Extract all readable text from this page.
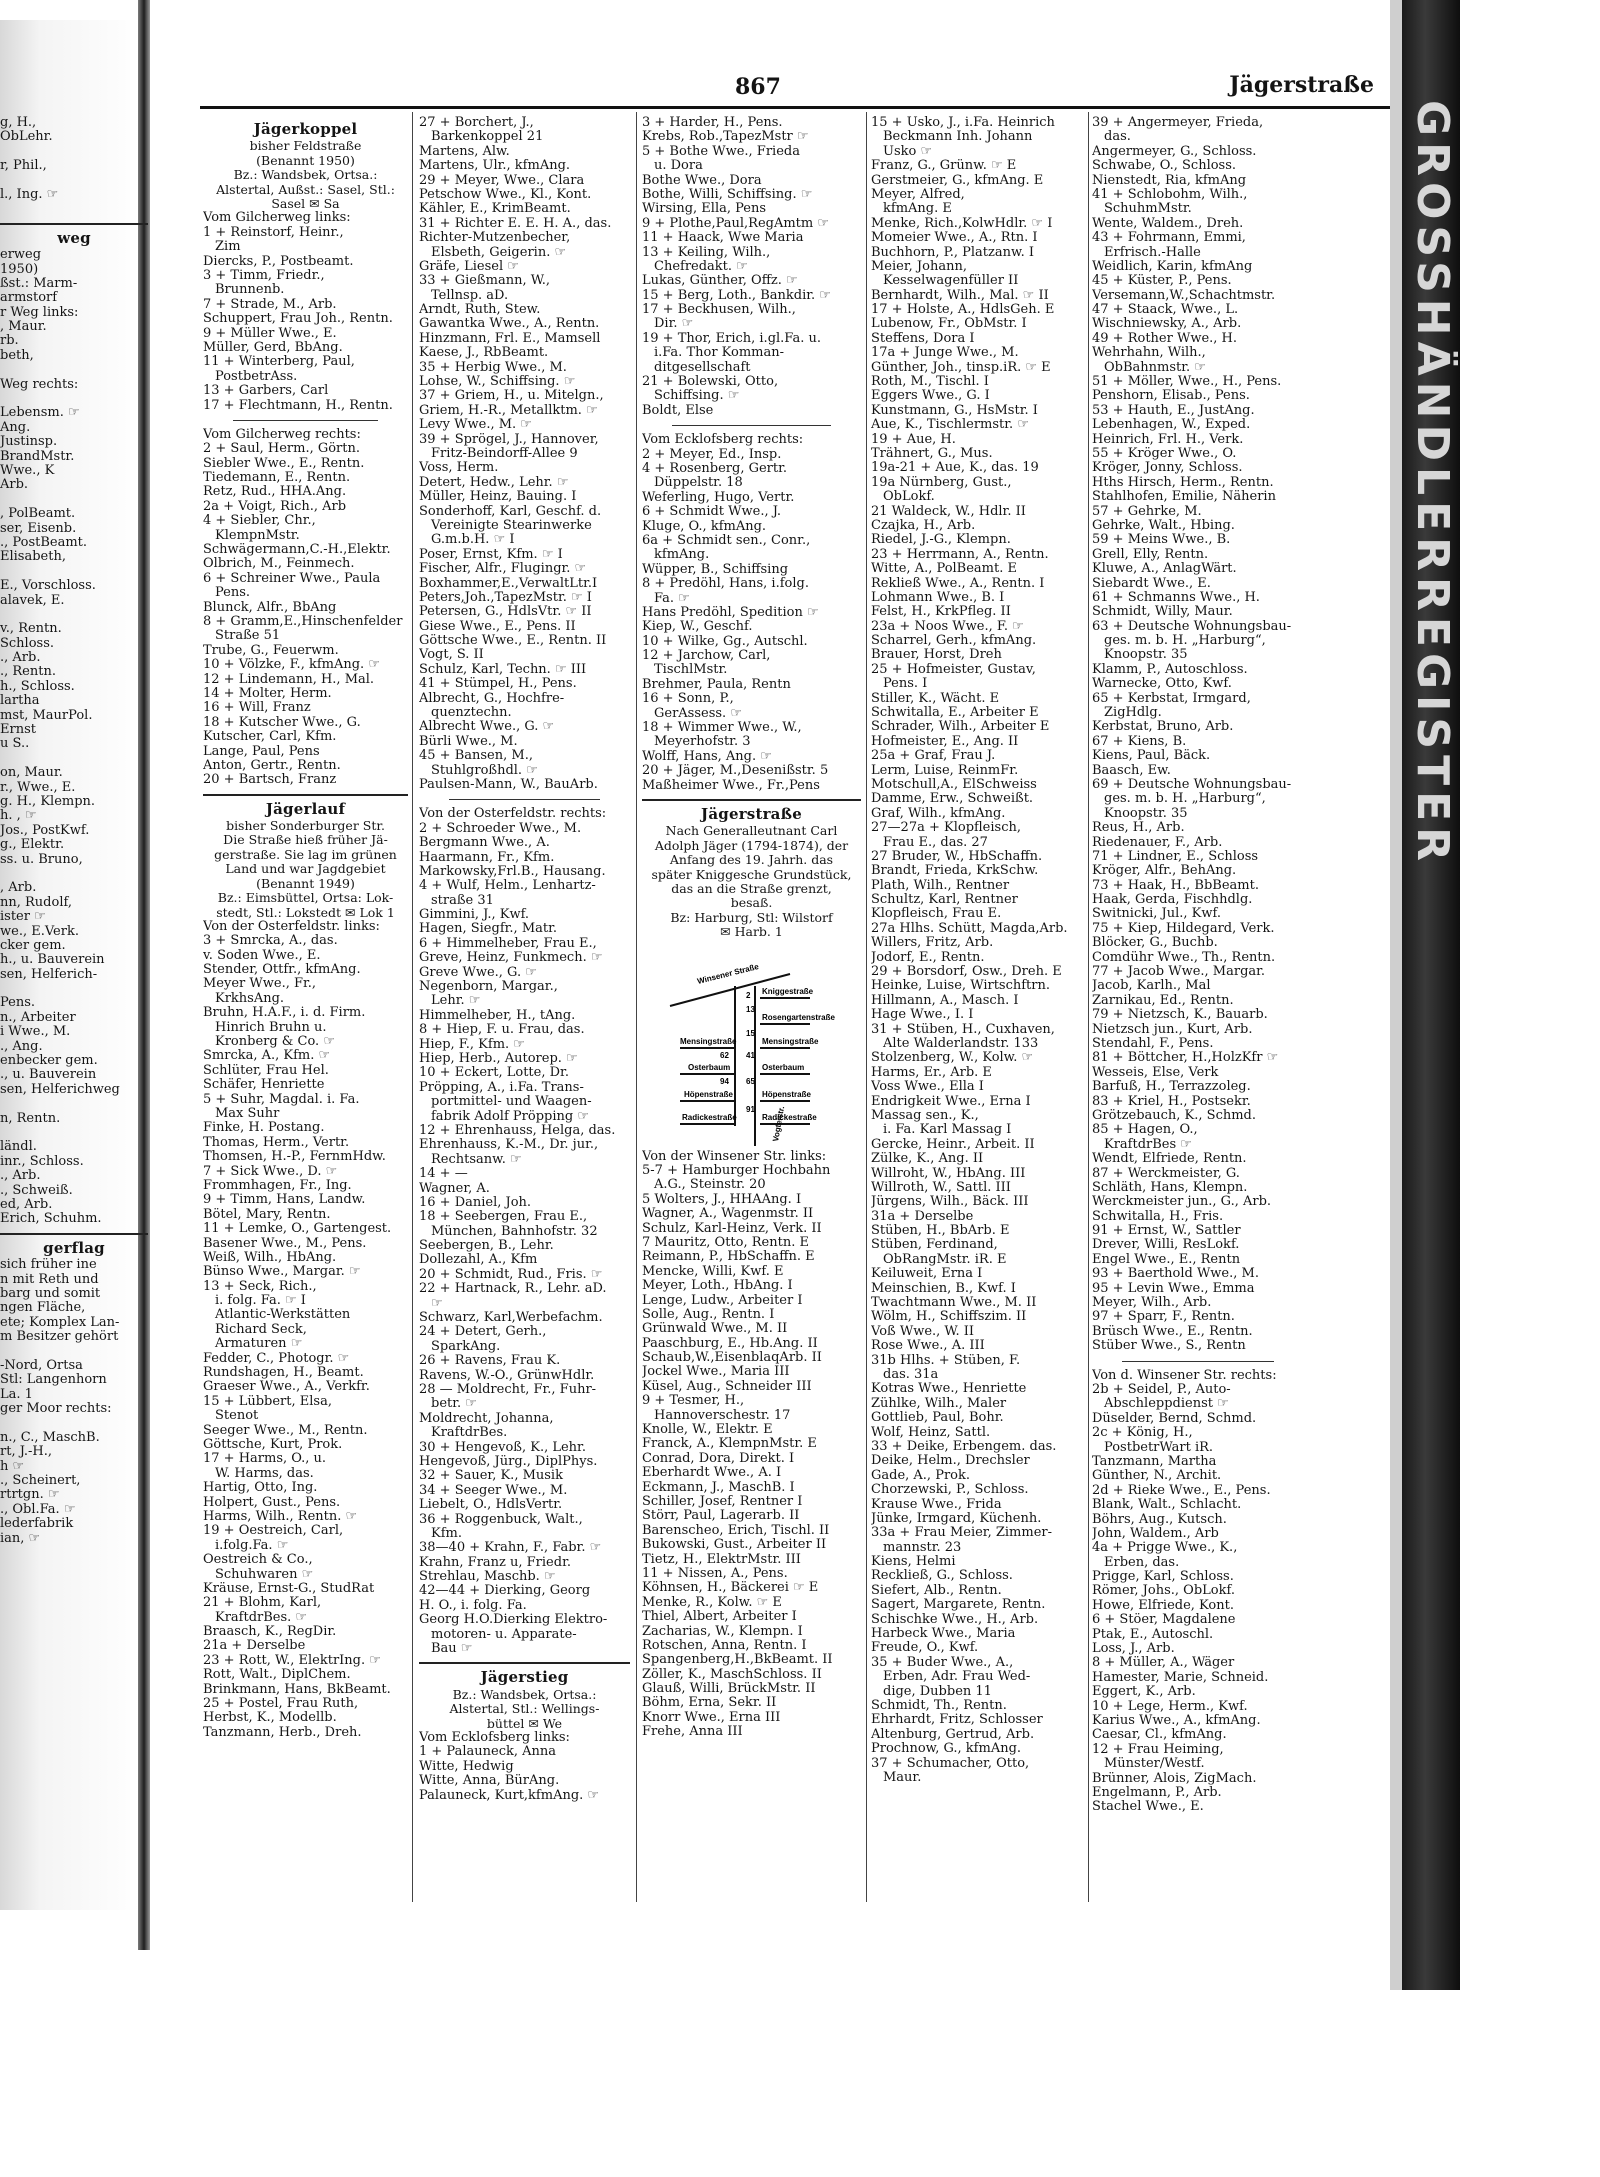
GROSSHÄNDLERREGISTER
867	Jägerstraße
g, H.,
ObLehr.
r, Phil.,
l., Ing. ☞
weg
erweg
1950)
ßst.: Marm-
armstorf
r Weg links:
, Maur.
rb.
beth,
Weg rechts:
Lebensm. ☞
Ang.
Justinsp.
BrandMstr.
Wwe., K
Arb.
, PolBeamt.
ser, Eisenb.
., PostBeamt.
Elisabeth,
E., Vorschloss.
alavek, E.
v., Rentn.
Schloss.
., Arb.
., Rentn.
h., Schloss.
lartha
mst, MaurPol.
Ernst
u S..
on, Maur.
r., Wwe., E.
g. H., Klempn.
h. , ☞
Jos., PostKwf.
g., Elektr.
ss. u. Bruno,
, Arb.
nn, Rudolf,
ister ☞
we., E.Verk.
cker gem.
h., u. Bauverein
sen, Helferich-
Pens.
n., Arbeiter
i Wwe., M.
., Ang.
enbecker gem.
., u. Bauverein
sen, Helferichweg
n, Rentn.
ländl.
inr., Schloss.
., Arb.
., Schweiß.
ed, Arb.
Erich, Schuhm.
gerflag
sich früher ine
n mit Reth und
barg und somit
ngen Fläche,
ete; Komplex Lan-
m Besitzer gehört
-Nord, Ortsa
Stl: Langenhorn
La. 1
ger Moor rechts:
n., C., MaschB.
rt, J.-H.,
h ☞
., Scheinert,
rtrtgn. ☞
., Obl.Fa. ☞
lederfabrik
ian, ☞
Jägerkoppel
bisher Feldstraße
(Benannt 1950)
Bz.: Wandsbek, Ortsa.:
Alstertal, Außst.: Sasel, Stl.:
Sasel ✉ Sa
Vom Gilcherweg links:
1 + Reinstorf, Heinr.,
Zim
Diercks, P., Postbeamt.
3 + Timm, Friedr.,
Brunnenb.
7 + Strade, M., Arb.
Schuppert, Frau Joh., Rentn.
9 + Müller Wwe., E.
Müller, Gerd, BbAng.
11 + Winterberg, Paul,
PostbetrAss.
13 + Garbers, Carl
17 + Flechtmann, H., Rentn.
Vom Gilcherweg rechts:
2 + Saul, Herm., Görtn.
Siebler Wwe., E., Rentn.
Tiedemann, E., Rentn.
Retz, Rud., HHA.Ang.
2a + Voigt, Rich., Arb
4 + Siebler, Chr.,
KlempnMstr.
Schwägermann,C.-H.,Elektr.
Olbrich, M., Feinmech.
6 + Schreiner Wwe., Paula
Pens.
Blunck, Alfr., BbAng
8 + Gramm,E.,Hinschenfelder
Straße 51
Trube, G., Feuerwm.
10 + Völzke, F., kfmAng. ☞
12 + Lindemann, H., Mal.
14 + Molter, Herm.
16 + Will, Franz
18 + Kutscher Wwe., G.
Kutscher, Carl, Kfm.
Lange, Paul, Pens
Anton, Gertr., Rentn.
20 + Bartsch, Franz
Jägerlauf
bisher Sonderburger Str.
Die Straße hieß früher Jä-
gerstraße. Sie lag im grünen
Land und war Jagdgebiet
(Benannt 1949)
Bz.: Eimsbüttel, Ortsa: Lok-
stedt, Stl.: Lokstedt ✉ Lok 1
Von der Osterfeldstr. links:
3 + Smrcka, A., das.
v. Soden Wwe., E.
Stender, Ottfr., kfmAng.
Meyer Wwe., Fr.,
KrkhsAng.
Bruhn, H.A.F., i. d. Firm.
Hinrich Bruhn u.
Kronberg & Co. ☞
Smrcka, A., Kfm. ☞
Schlüter, Frau Hel.
Schäfer, Henriette
5 + Suhr, Magdal. i. Fa.
Max Suhr
Finke, H. Postang.
Thomas, Herm., Vertr.
Thomsen, H.-P., FernmHdw.
7 + Sick Wwe., D. ☞
Frommhagen, Fr., Ing.
9 + Timm, Hans, Landw.
Bötel, Mary, Rentn.
11 + Lemke, O., Gartengest.
Basener Wwe., M., Pens.
Weiß, Wilh., HbAng.
Bünso Wwe., Margar. ☞
13 + Seck, Rich.,
i. folg. Fa. ☞ I
Atlantic-Werkstätten
Richard Seck,
Armaturen ☞
Fedder, C., Photogr. ☞
Rundshagen, H., Beamt.
Graeser Wwe., A., Verkfr.
15 + Lübbert, Elsa,
Stenot
Seeger Wwe., M., Rentn.
Göttsche, Kurt, Prok.
17 + Harms, O., u.
W. Harms, das.
Hartig, Otto, Ing.
Holpert, Gust., Pens.
Harms, Wilh., Rentn. ☞
19 + Oestreich, Carl,
i.folg.Fa. ☞
Oestreich & Co.,
Schuhwaren ☞
Kräuse, Ernst-G., StudRat
21 + Blohm, Karl,
KraftdrBes. ☞
Braasch, K., RegDir.
21a + Derselbe
23 + Rott, W., ElektrIng. ☞
Rott, Walt., DiplChem.
Brinkmann, Hans, BkBeamt.
25 + Postel, Frau Ruth,
Herbst, K., Modellb.
Tanzmann, Herb., Dreh.
27 + Borchert, J.,
Barkenkoppel 21
Martens, Alw.
Martens, Ulr., kfmAng.
29 + Meyer, Wwe., Clara
Petschow Wwe., Kl., Kont.
Kähler, E., KrimBeamt.
31 + Richter E. E. H. A., das.
Richter-Mutzenbecher,
Elsbeth, Geigerin. ☞
Gräfe, Liesel ☞
33 + Gießmann, W.,
Tellnsp. aD.
Arndt, Ruth, Stew.
Gawantka Wwe., A., Rentn.
Hinzmann, Frl. E., Mamsell
Kaese, J., RbBeamt.
35 + Herbig Wwe., M.
Lohse, W., Schiffsing. ☞
37 + Griem, H., u. Mitelgn.,
Griem, H.-R., Metallktm. ☞
Levy Wwe., M. ☞
39 + Sprögel, J., Hannover,
Fritz-Beindorff-Allee 9
Voss, Herm.
Detert, Hedw., Lehr. ☞
Müller, Heinz, Bauing. I
Sonderhoff, Karl, Geschf. d.
Vereinigte Stearinwerke
G.m.b.H. ☞ I
Poser, Ernst, Kfm. ☞ I
Fischer, Alfr., Flugingr. ☞
Boxhammer,E.,VerwaltLtr.I
Peters,Joh.,TapezMstr. ☞ I
Petersen, G., HdlsVtr. ☞ II
Giese Wwe., E., Pens. II
Göttsche Wwe., E., Rentn. II
Vogt, S. II
Schulz, Karl, Techn. ☞ III
41 + Stümpel, H., Pens.
Albrecht, G., Hochfre-
quenztechn.
Albrecht Wwe., G. ☞
Bürli Wwe., M.
45 + Bansen, M.,
Stuhlgroßhdl. ☞
Paulsen-Mann, W., BauArb.
Von der Osterfeldstr. rechts:
2 + Schroeder Wwe., M.
Bergmann Wwe., A.
Haarmann, Fr., Kfm.
Markowsky,Frl.B., Hausang.
4 + Wulf, Helm., Lenhartz-
straße 31
Gimmini, J., Kwf.
Hagen, Siegfr., Matr.
6 + Himmelheber, Frau E.,
Greve, Heinz, Funkmech. ☞
Greve Wwe., G. ☞
Negenborn, Margar.,
Lehr. ☞
Himmelheber, H., tAng.
8 + Hiep, F. u. Frau, das.
Hiep, F., Kfm. ☞
Hiep, Herb., Autorep. ☞
10 + Eckert, Lotte, Dr.
Pröpping, A., i.Fa. Trans-
portmittel- und Waagen-
fabrik Adolf Pröpping ☞
12 + Ehrenhauss, Helga, das.
Ehrenhauss, K.-M., Dr. jur.,
Rechtsanw. ☞
14 + —
Wagner, A.
16 + Daniel, Joh.
18 + Seebergen, Frau E.,
München, Bahnhofstr. 32
Seebergen, B., Lehr.
Dollezahl, A., Kfm
20 + Schmidt, Rud., Fris. ☞
22 + Hartnack, R., Lehr. aD.
☞
Schwarz, Karl,Werbefachm.
24 + Detert, Gerh.,
SparkAng.
26 + Ravens, Frau K.
Ravens, W.-O., GrünwHdlr.
28 — Moldrecht, Fr., Fuhr-
betr. ☞
Moldrecht, Johanna,
KraftdrBes.
30 + Hengevoß, K., Lehr.
Hengevoß, Jürg., DiplPhys.
32 + Sauer, K., Musik
34 + Seeger Wwe., M.
Liebelt, O., HdlsVertr.
36 + Roggenbuck, Walt.,
Kfm.
38—40 + Krahn, F., Fabr. ☞
Krahn, Franz u, Friedr.
Strehlau, Maschb. ☞
42—44 + Dierking, Georg
H. O., i. folg. Fa.
Georg H.O.Dierking Elektro-
motoren- u. Apparate-
Bau ☞
Jägerstieg
Bz.: Wandsbek, Ortsa.:
Alstertal, Stl.: Wellings-
büttel ✉ We
Vom Ecklofsberg links:
1 + Palauneck, Anna
Witte, Hedwig
Witte, Anna, BürAng.
Palauneck, Kurt,kfmAng. ☞
3 + Harder, H., Pens.
Krebs, Rob.,TapezMstr ☞
5 + Bothe Wwe., Frieda
u. Dora
Bothe Wwe., Dora
Bothe, Willi, Schiffsing. ☞
Wirsing, Ella, Pens
9 + Plothe,Paul,RegAmtm ☞
11 + Haack, Wwe Maria
13 + Keiling, Wilh.,
Chefredakt. ☞
Lukas, Günther, Offz. ☞
15 + Berg, Loth., Bankdir. ☞
17 + Beckhusen, Wilh.,
Dir. ☞
19 + Thor, Erich, i.gl.Fa. u.
i.Fa. Thor Komman-
ditgesellschaft
21 + Bolewski, Otto,
Schiffsing. ☞
Boldt, Else
Vom Ecklofsberg rechts:
2 + Meyer, Ed., Insp.
4 + Rosenberg, Gertr.
Düppelstr. 18
Weferling, Hugo, Vertr.
6 + Schmidt Wwe., J.
Kluge, O., kfmAng.
6a + Schmidt sen., Conr.,
kfmAng.
Wüpper, B., Schiffsing
8 + Predöhl, Hans, i.folg.
Fa. ☞
Hans Predöhl, Spedition ☞
Kiep, W., Geschf.
10 + Wilke, Gg., Autschl.
12 + Jarchow, Carl,
TischlMstr.
Brehmer, Paula, Rentn
16 + Sonn, P.,
GerAssess. ☞
18 + Wimmer Wwe., W.,
Meyerhofstr. 3
Wolff, Hans, Ang. ☞
20 + Jäger, M.,Desenißstr. 5
Maßheimer Wwe., Fr.,Pens
Jägerstraße
Nach Generalleutnant Carl
Adolph Jäger (1794-1874), der
Anfang des 19. Jahrh. das
später Kniggesche Grundstück,
das an die Straße grenzt,
besaß.
Bz: Harburg, Stl: Wilstorf
✉ Harb. 1
Winsener Straße
Kniggestraße
Rosengartenstraße
Mensingstraße	Mensingstraße
Osterbaum	Osterbaum
Höpenstraße	Höpenstraße
Radickestraße	Radickestraße
Vogteistr.
2
13
15
41
62
65
94
91
Von der Winsener Str. links:
5-7 + Hamburger Hochbahn
A.G., Steinstr. 20
5 Wolters, J., HHAAng. I
Wagner, A., Wagenmstr. II
Schulz, Karl-Heinz, Verk. II
7 Mauritz, Otto, Rentn. E
Reimann, P., HbSchaffn. E
Mencke, Willi, Kwf. E
Meyer, Loth., HbAng. I
Lenge, Ludw., Arbeiter I
Solle, Aug., Rentn. I
Grünwald Wwe., M. II
Paaschburg, E., Hb.Ang. II
Schaub,W.,EisenblaqArb. II
Jockel Wwe., Maria III
Küsel, Aug., Schneider III
9 + Tesmer, H.,
Hannoverschestr. 17
Knolle, W., Elektr. E
Franck, A., KlempnMstr. E
Conrad, Dora, Direkt. I
Eberhardt Wwe., A. I
Eckmann, J., MaschB. I
Schiller, Josef, Rentner I
Störr, Paul, Lagerarb. II
Barenscheo, Erich, Tischl. II
Bukowski, Gust., Arbeiter II
Tietz, H., ElektrMstr. III
11 + Nissen, A., Pens.
Köhnsen, H., Bäckerei ☞ E
Menke, R., Kolw. ☞ E
Thiel, Albert, Arbeiter I
Zacharias, W., Klempn. I
Rotschen, Anna, Rentn. I
Spangenberg,H.,BkBeamt. II
Zöller, K., MaschSchloss. II
Glauß, Willi, BrückMstr. II
Böhm, Erna, Sekr. II
Knorr Wwe., Erna III
Frehe, Anna III
15 + Usko, J., i.Fa. Heinrich
Beckmann Inh. Johann
Usko ☞
Franz, G., Grünw. ☞ E
Gerstmeier, G., kfmAng. E
Meyer, Alfred,
kfmAng. E
Menke, Rich.,KolwHdlr. ☞ I
Momeier Wwe., A., Rtn. I
Buchhorn, P., Platzanw. I
Meier, Johann,
Kesselwagenfüller II
Bernhardt, Wilh., Mal. ☞ II
17 + Holste, A., HdlsGeh. E
Lubenow, Fr., ObMstr. I
Steffens, Dora I
17a + Junge Wwe., M.
Günther, Joh., tinsp.iR. ☞ E
Roth, M., Tischl. I
Eggers Wwe., G. I
Kunstmann, G., HsMstr. I
Aue, K., Tischlermstr. ☞
19 + Aue, H.
Trähnert, G., Mus.
19a-21 + Aue, K., das. 19
19a Nürnberg, Gust.,
ObLokf.
21 Waldeck, W., Hdlr. II
Czajka, H., Arb.
Riedel, J.-G., Klempn.
23 + Herrmann, A., Rentn.
Witte, A., PolBeamt. E
Rekließ Wwe., A., Rentn. I
Lohmann Wwe., B. I
Felst, H., KrkPfleg. II
23a + Noos Wwe., F. ☞
Scharrel, Gerh., kfmAng.
Brauer, Horst, Dreh
25 + Hofmeister, Gustav,
Pens. I
Stiller, K., Wächt. E
Schwitalla, E., Arbeiter E
Schrader, Wilh., Arbeiter E
Hofmeister, E., Ang. II
25a + Graf, Frau J.
Lerm, Luise, ReinmFr.
Motschull,A., ElSchweiss
Damme, Erw., Schweißt.
Graf, Wilh., kfmAng.
27—27a + Klopfleisch,
Frau E., das. 27
27 Bruder, W., HbSchaffn.
Brandt, Frieda, KrkSchw.
Plath, Wilh., Rentner
Schultz, Karl, Rentner
Klopfleisch, Frau E.
27a Hlhs. Schütt, Magda,Arb.
Willers, Fritz, Arb.
Jodorf, E., Rentn.
29 + Borsdorf, Osw., Dreh. E
Heinke, Luise, Wirtschftrn.
Hillmann, A., Masch. I
Hage Wwe., I. I
31 + Stüben, H., Cuxhaven,
Alte Walderlandstr. 133
Stolzenberg, W., Kolw. ☞
Harms, Er., Arb. E
Voss Wwe., Ella I
Endrigkeit Wwe., Erna I
Massag sen., K.,
i. Fa. Karl Massag I
Gercke, Heinr., Arbeit. II
Zülke, K., Ang. II
Willroht, W., HbAng. III
Willroth, W., Sattl. III
Jürgens, Wilh., Bäck. III
31a + Derselbe
Stüben, H., BbArb. E
Stüben, Ferdinand,
ObRangMstr. iR. E
Keiluweit, Erna I
Meinschien, B., Kwf. I
Twachtmann Wwe., M. II
Wölm, H., Schiffszim. II
Voß Wwe., W. II
Rose Wwe., A. III
31b Hlhs. + Stüben, F.
das. 31a
Kotras Wwe., Henriette
Zühlke, Wilh., Maler
Gottlieb, Paul, Bohr.
Wolf, Heinz, Sattl.
33 + Deike, Erbengem. das.
Deike, Helm., Drechsler
Gade, A., Prok.
Chorzewski, P., Schloss.
Krause Wwe., Frida
Jünke, Irmgard, Küchenh.
33a + Frau Meier, Zimmer-
mannstr. 23
Kiens, Helmi
Reckließ, G., Schloss.
Siefert, Alb., Rentn.
Sagert, Margarete, Rentn.
Schischke Wwe., H., Arb.
Harbeck Wwe., Maria
Freude, O., Kwf.
35 + Buder Wwe., A.,
Erben, Adr. Frau Wed-
dige, Dubben 11
Schmidt, Th., Rentn.
Ehrhardt, Fritz, Schlosser
Altenburg, Gertrud, Arb.
Prochnow, G., kfmAng.
37 + Schumacher, Otto,
Maur.
39 + Angermeyer, Frieda,
das.
Angermeyer, G., Schloss.
Schwabe, O., Schloss.
Nienstedt, Ria, kfmAng
41 + Schlobohm, Wilh.,
SchuhmMstr.
Wente, Waldem., Dreh.
43 + Fohrmann, Emmi,
Erfrisch.-Halle
Weidlich, Karin, kfmAng
45 + Küster, P., Pens.
Versemann,W.,Schachtmstr.
47 + Staack, Wwe., L.
Wischniewsky, A., Arb.
49 + Rother Wwe., H.
Wehrhahn, Wilh.,
ObBahnmstr. ☞
51 + Möller, Wwe., H., Pens.
Penshorn, Elisab., Pens.
53 + Hauth, E., JustAng.
Lebenhagen, W., Exped.
Heinrich, Frl. H., Verk.
55 + Kröger Wwe., O.
Kröger, Jonny, Schloss.
Hths Hirsch, Herm., Rentn.
Stahlhofen, Emilie, Näherin
57 + Gehrke, M.
Gehrke, Walt., Hbing.
59 + Meins Wwe., B.
Grell, Elly, Rentn.
Kluwe, A., AnlagWärt.
Siebardt Wwe., E.
61 + Schmanns Wwe., H.
Schmidt, Willy, Maur.
63 + Deutsche Wohnungsbau-
ges. m. b. H. „Harburg“,
Knoopstr. 35
Klamm, P., Autoschloss.
Warnecke, Otto, Kwf.
65 + Kerbstat, Irmgard,
ZigHdlg.
Kerbstat, Bruno, Arb.
67 + Kiens, B.
Kiens, Paul, Bäck.
Baasch, Ew.
69 + Deutsche Wohnungsbau-
ges. m. b. H. „Harburg“,
Knoopstr. 35
Reus, H., Arb.
Riedenauer, F., Arb.
71 + Lindner, E., Schloss
Kröger, Alfr., BehAng.
73 + Haak, H., BbBeamt.
Haak, Gerda, Fischhdlg.
Switnicki, Jul., Kwf.
75 + Kiep, Hildegard, Verk.
Blöcker, G., Buchb.
Comdühr Wwe., Th., Rentn.
77 + Jacob Wwe., Margar.
Jacob, Karlh., Mal
Zarnikau, Ed., Rentn.
79 + Nietzsch, K., Bauarb.
Nietzsch jun., Kurt, Arb.
Stendahl, F., Pens.
81 + Böttcher, H.,HolzKfr ☞
Wesseis, Else, Verk
Barfuß, H., Terrazzoleg.
83 + Kriel, H., Postsekr.
Grötzebauch, K., Schmd.
85 + Hagen, O.,
KraftdrBes ☞
Wendt, Elfriede, Rentn.
87 + Werckmeister, G.
Schläth, Hans, Klempn.
Werckmeister jun., G., Arb.
Schwitalla, H., Fris.
91 + Ernst, W., Sattler
Drever, Willi, ResLokf.
Engel Wwe., E., Rentn
93 + Baerthold Wwe., M.
95 + Levin Wwe., Emma
Meyer, Wilh., Arb.
97 + Sparr, F., Rentn.
Brüsch Wwe., E., Rentn.
Stüber Wwe., S., Rentn
Von d. Winsener Str. rechts:
2b + Seidel, P., Auto-
Abschleppdienst ☞
Düselder, Bernd, Schmd.
2c + König, H.,
PostbetrWart iR.
Tanzmann, Martha
Günther, N., Archit.
2d + Rieke Wwe., E., Pens.
Blank, Walt., Schlacht.
Böhrs, Aug., Kutsch.
John, Waldem., Arb
4a + Prigge Wwe., K.,
Erben, das.
Prigge, Karl, Schloss.
Römer, Johs., ObLokf.
Howe, Elfriede, Kont.
6 + Stöer, Magdalene
Ptak, E., Autoschl.
Loss, J., Arb.
8 + Müller, A., Wäger
Hamester, Marie, Schneid.
Eggert, K., Arb.
10 + Lege, Herm., Kwf.
Karius Wwe., A., kfmAng.
Caesar, Cl., kfmAng.
12 + Frau Heiming,
Münster/Westf.
Brünner, Alois, ZigMach.
Engelmann, P., Arb.
Stachel Wwe., E.
